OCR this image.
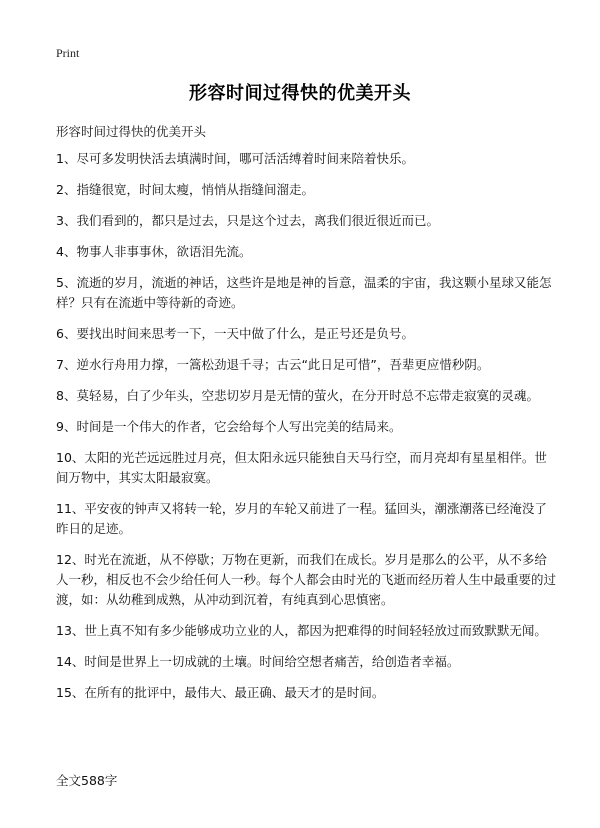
Print
形容时间过得快的优美开头
形容时间过得快的优美开头

1、尽可多发明快活去填满时间，哪可活活缚着时间来陪着快乐。

2、指缝很宽，时间太瘦，悄悄从指缝间溜走。

3、我们看到的，都只是过去，只是这个过去，离我们很近很近而已。

4、物事人非事事休，欲语泪先流。

5、流逝的岁月，流逝的神话，这些许是地是神的旨意，温柔的宇宙，我这颗小星球又能怎样？只有在流逝中等待新的奇迹。

6、要找出时间来思考一下，一天中做了什么，是正号还是负号。

7、逆水行舟用力撑，一篙松劲退千寻；古云“此日足可惜”，吾辈更应惜秒阴。

8、莫轻易，白了少年头，空悲切岁月是无情的萤火，在分开时总不忘带走寂寞的灵魂。

9、时间是一个伟大的作者，它会给每个人写出完美的结局来。

10、太阳的光芒远远胜过月亮，但太阳永远只能独自天马行空，而月亮却有星星相伴。世间万物中，其实太阳最寂寞。

11、平安夜的钟声又将转一轮，岁月的车轮又前进了一程。猛回头，潮涨潮落已经淹没了昨日的足迹。

12、时光在流逝，从不停歇；万物在更新，而我们在成长。岁月是那么的公平，从不多给人一秒，相反也不会少给任何人一秒。每个人都会由时光的飞逝而经历着人生中最重要的过渡，如：从幼稚到成熟，从冲动到沉着，有纯真到心思慎密。

13、世上真不知有多少能够成功立业的人，都因为把难得的时间轻轻放过而致默默无闻。

14、时间是世界上一切成就的土壤。时间给空想者痛苦，给创造者幸福。

15、在所有的批评中，最伟大、最正确、最天才的是时间。

全文588字
